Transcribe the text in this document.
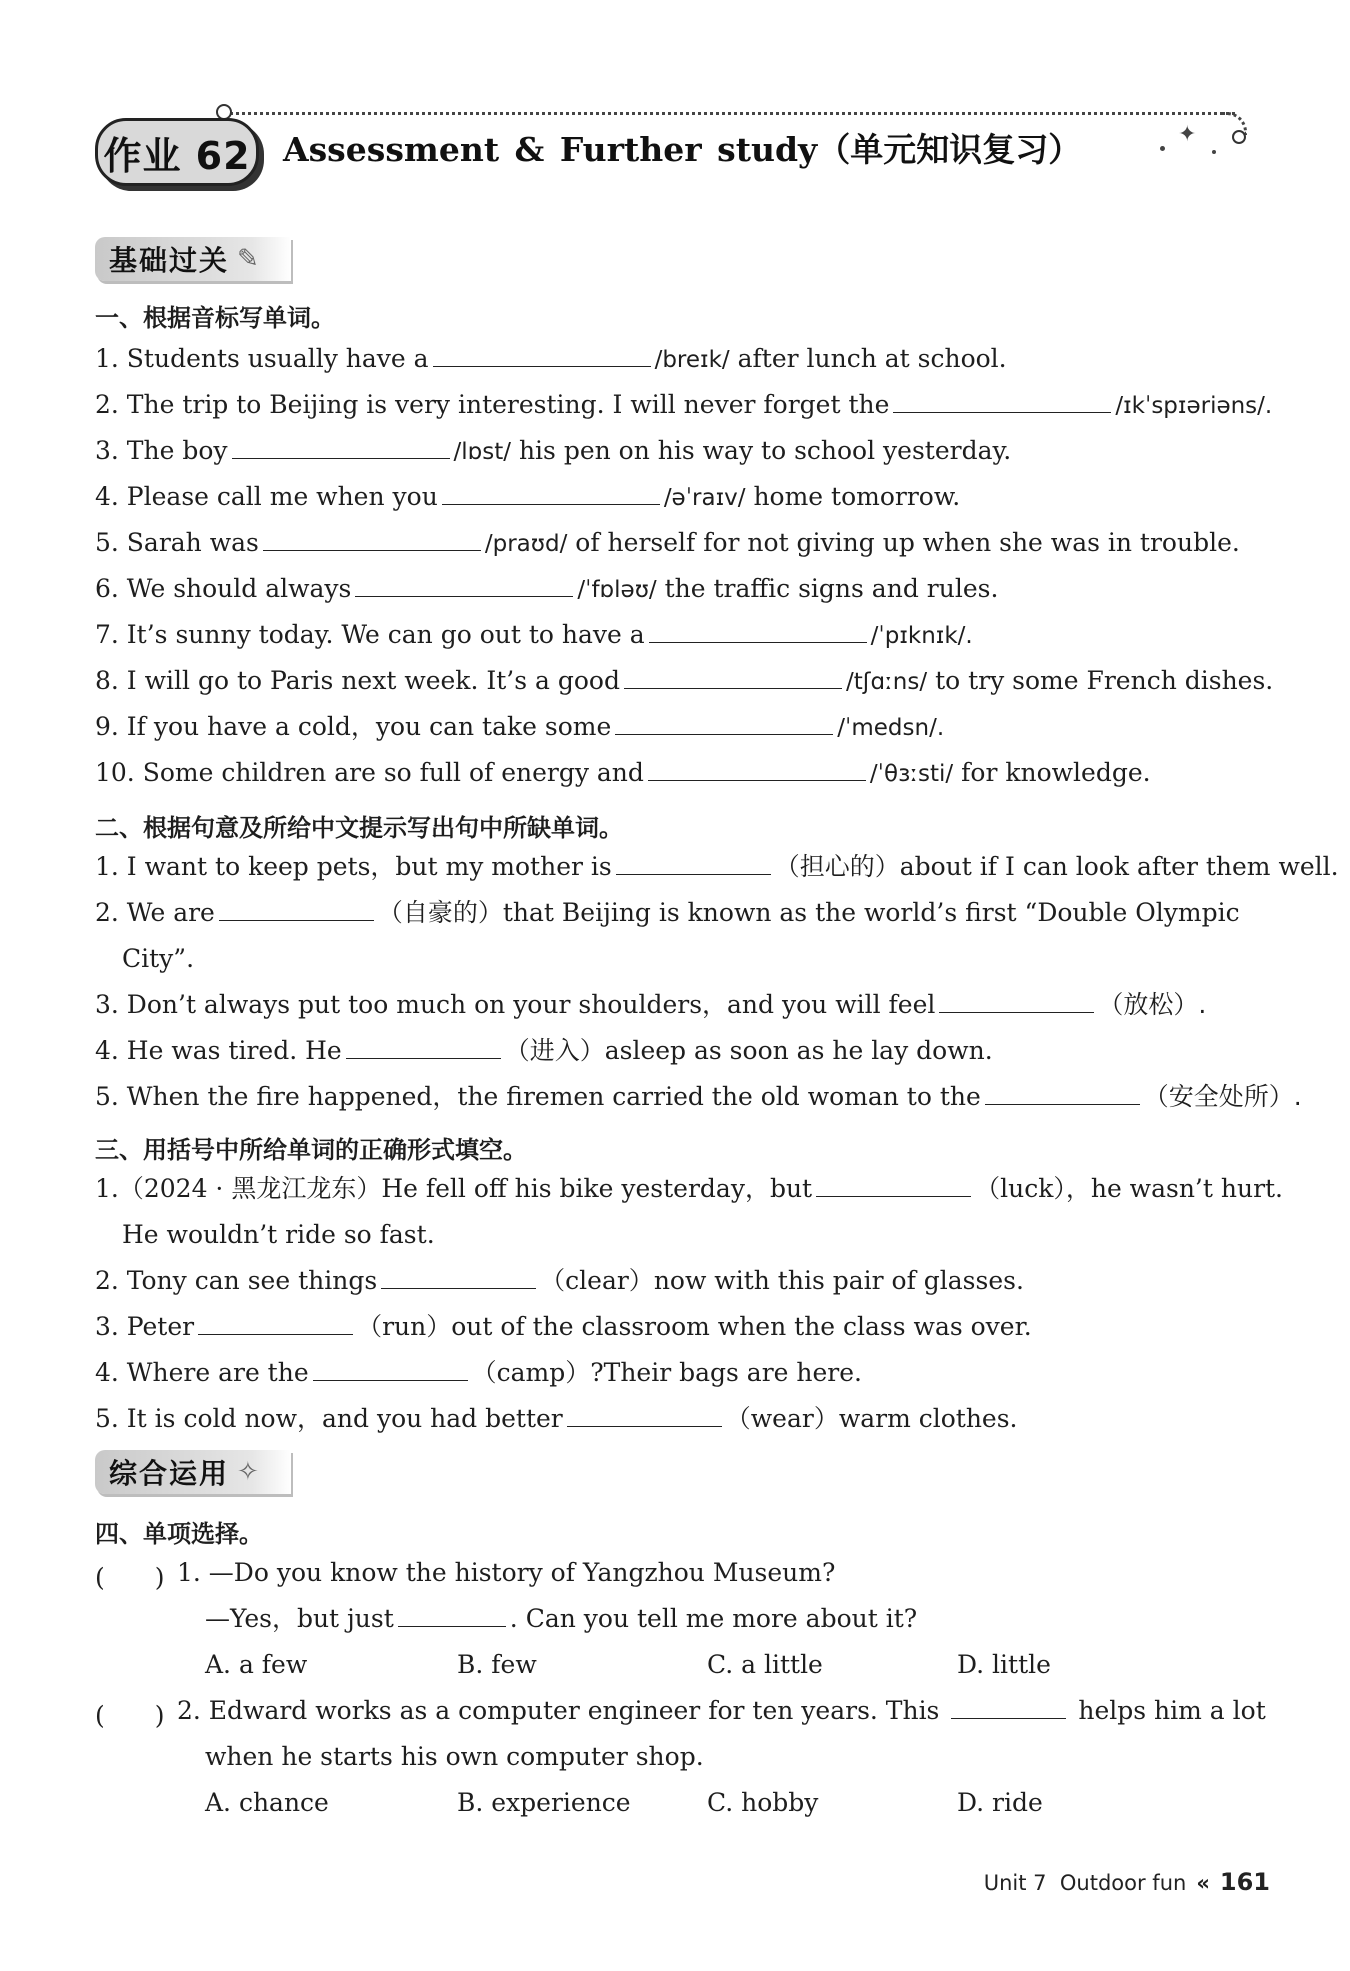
✦
作业 62 Assessment & Further study（单元知识复习）
基础过关 ✎
一、根据音标写单词。
1. Students usually have a	/breɪk/ after lunch at school.
2. The trip to Beijing is very interesting. I will never forget the	/ɪkˈspɪəriəns/.
3. The boy	/lɒst/ his pen on his way to school yesterday.
4. Please call me when you	/əˈraɪv/ home tomorrow.
5. Sarah was	/praʊd/ of herself for not giving up when she was in trouble.
6. We should always	/ˈfɒləʊ/ the traffic signs and rules.
7. It’s sunny today. We can go out to have a	/ˈpɪknɪk/.
8. I will go to Paris next week. It’s a good	/tʃɑːns/ to try some French dishes.
9. If you have a cold，you can take some	/ˈmedsn/.
10. Some children are so full of energy and	/ˈθɜːsti/ for knowledge.
二、根据句意及所给中文提示写出句中所缺单词。
1. I want to keep pets，but my mother is	（担心的）about if I can look after them well.
2. We are	（自豪的）that Beijing is known as the world’s first “Double Olympic
City”.
3. Don’t always put too much on your shoulders，and you will feel	（放松）.
4. He was tired. He	（进入）asleep as soon as he lay down.
5. When the fire happened，the firemen carried the old woman to the	（安全处所）.
三、用括号中所给单词的正确形式填空。
1.（2024 · 黑龙江龙东）He fell off his bike yesterday，but	（luck），he wasn’t hurt.
He wouldn’t ride so fast.
2. Tony can see things	（clear）now with this pair of glasses.
3. Peter	（run）out of the classroom when the class was over.
4. Where are the	（camp）?Their bags are here.
5. It is cold now，and you had better	（wear）warm clothes.
综合运用 ✧
四、单项选择。
(　　) 1. —Do you know the history of Yangzhou Museum?
—Yes，but just	. Can you tell me more about it?
A. a few	B. few	C. a little	D. little
(　　) 2. Edward works as a computer engineer for ten years. This	helps him a lot
when he starts his own computer shop.
A. chance	B. experience	C. hobby	D. ride
Unit 7 Outdoor fun « 161
